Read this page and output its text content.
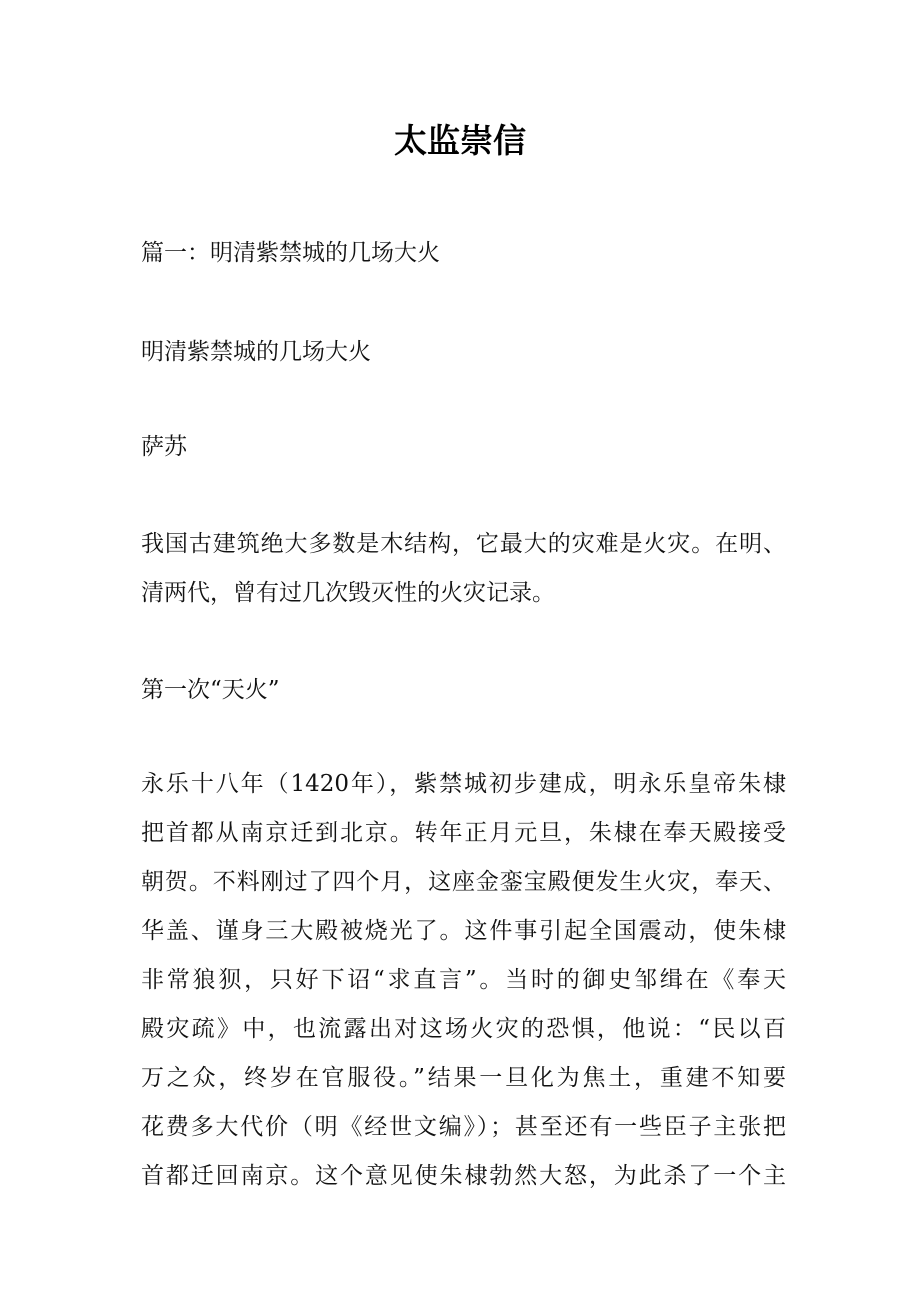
太监崇信
篇一：明清紫禁城的几场大火
明清紫禁城的几场大火
萨苏
我国古建筑绝大多数是木结构，它最大的灾难是火灾。在明、
清两代，曾有过几次毁灭性的火灾记录。
第一次“天火”
永乐十八年（1420年），紫禁城初步建成，明永乐皇帝朱棣
把首都从南京迁到北京。转年正月元旦，朱棣在奉天殿接受
朝贺。不料刚过了四个月，这座金銮宝殿便发生火灾，奉天、
华盖、谨身三大殿被烧光了。这件事引起全国震动，使朱棣
非常狼狈，只好下诏“求直言”。当时的御史邹缉在《奉天
殿灾疏》中，也流露出对这场火灾的恐惧，他说：“民以百
万之众，终岁在官服役。”结果一旦化为焦土，重建不知要
花费多大代价（明《经世文编》）；甚至还有一些臣子主张把
首都迁回南京。这个意见使朱棣勃然大怒，为此杀了一个主
